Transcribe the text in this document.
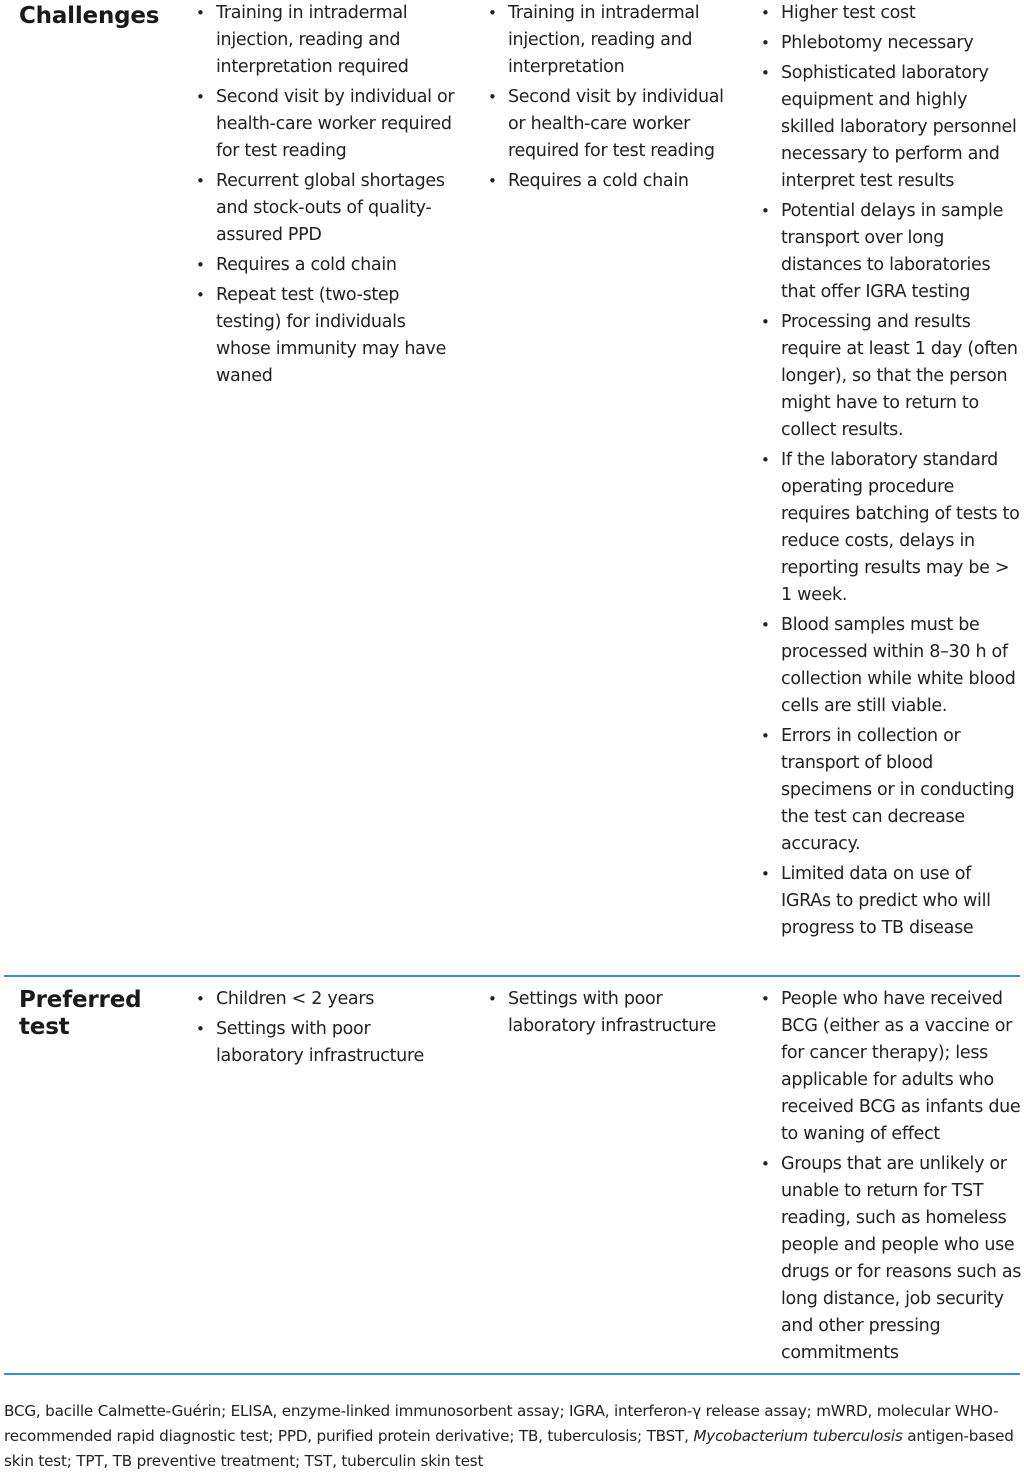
Challenges • Training in intradermal injection, reading and interpretation required
• Second visit by individual or health-care worker required for test reading
• Recurrent global shortages and stock-outs of quality-assured PPD
• Requires a cold chain
• Repeat test (two-step testing) for individuals whose immunity may have waned
• Training in intradermal injection, reading and interpretation
• Second visit by individual or health-care worker required for test reading
• Requires a cold chain
• Higher test cost
• Phlebotomy necessary
• Sophisticated laboratory equipment and highly skilled laboratory personnel necessary to perform and interpret test results
• Potential delays in sample transport over long distances to laboratories that offer IGRA testing
• Processing and results require at least 1 day (often longer), so that the person might have to return to collect results.
• If the laboratory standard operating procedure requires batching of tests to reduce costs, delays in reporting results may be > 1 week.
• Blood samples must be processed within 8–30 h of collection while white blood cells are still viable.
• Errors in collection or transport of blood specimens or in conducting the test can decrease accuracy.
• Limited data on use of IGRAs to predict who will progress to TB disease
Preferred
test
• Children < 2 years
• Settings with poor laboratory infrastructure
• Settings with poor laboratory infrastructure
• People who have received BCG (either as a vaccine or for cancer therapy); less applicable for adults who received BCG as infants due to waning of effect
• Groups that are unlikely or unable to return for TST reading, such as homeless people and people who use drugs or for reasons such as long distance, job security and other pressing commitments
BCG, bacille Calmette-Guérin; ELISA, enzyme-linked immunosorbent assay; IGRA, interferon-γ release assay; mWRD, molecular WHO-recommended rapid diagnostic test; PPD, purified protein derivative; TB, tuberculosis; TBST, Mycobacterium tuberculosis antigen-based skin test; TPT, TB preventive treatment; TST, tuberculin skin test
